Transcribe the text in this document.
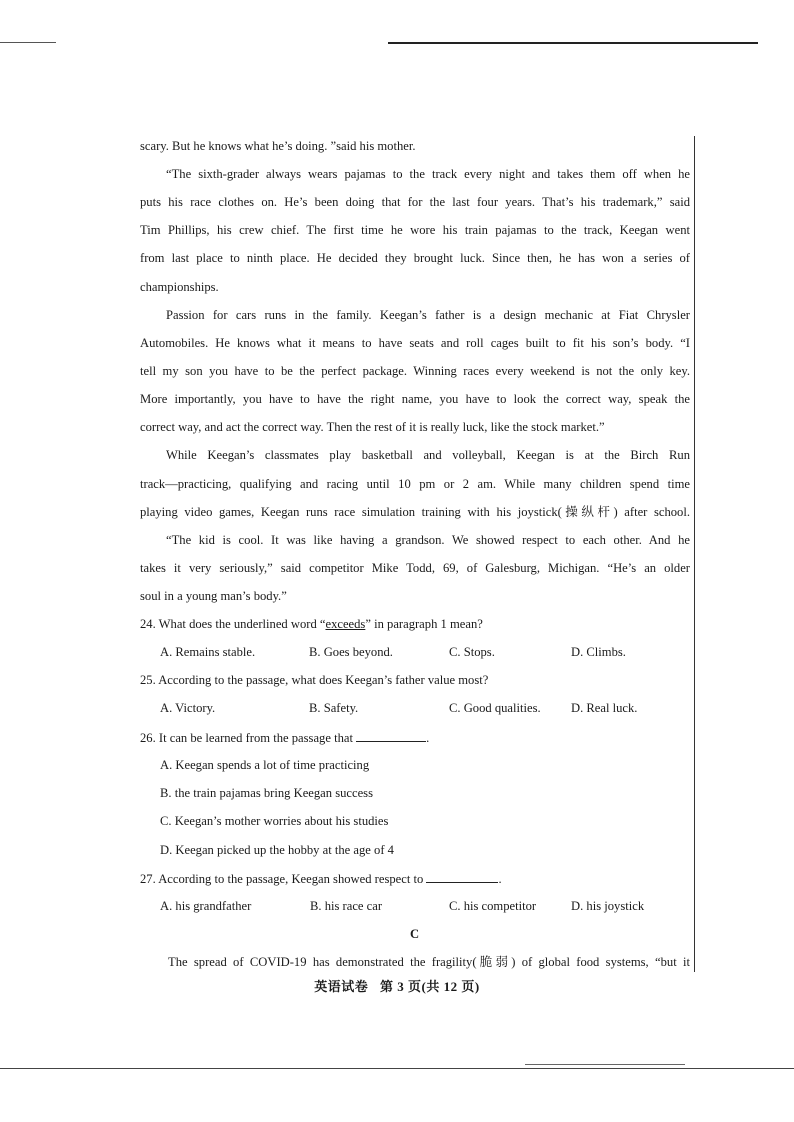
scary. But he knows what he’s doing. ”said his mother.
“The sixth-grader always wears pajamas to the track every night and takes them off when he
puts his race clothes on. He’s been doing that for the last four years. That’s his trademark,” said
Tim Phillips, his crew chief. The first time he wore his train pajamas to the track, Keegan went
from last place to ninth place. He decided they brought luck. Since then, he has won a series of
championships.
Passion for cars runs in the family. Keegan’s father is a design mechanic at Fiat Chrysler
Automobiles. He knows what it means to have seats and roll cages built to fit his son’s body. “I
tell my son you have to be the perfect package. Winning races every weekend is not the only key.
More importantly, you have to have the right name, you have to look the correct way, speak the
correct way, and act the correct way. Then the rest of it is really luck, like the stock market.”
While Keegan’s classmates play basketball and volleyball, Keegan is at the Birch Run
track—practicing, qualifying and racing until 10 pm or 2 am. While many children spend time
playing video games, Keegan runs race simulation training with his joystick(操纵杆) after school.
“The kid is cool. It was like having a grandson. We showed respect to each other. And he
takes it very seriously,” said competitor Mike Todd, 69, of Galesburg, Michigan. “He’s an older
soul in a young man’s body.”
24. What does the underlined word “exceeds” in paragraph 1 mean?
A. Remains stable.	B. Goes beyond.	C. Stops.	D. Climbs.
25. According to the passage, what does Keegan’s father value most?
A. Victory.	B. Safety.	C. Good qualities. D. Real luck.
26. It can be learned from the passage that	.
A. Keegan spends a lot of time practicing
B. the train pajamas bring Keegan success
C. Keegan’s mother worries about his studies
D. Keegan picked up the hobby at the age of 4
27. According to the passage, Keegan showed respect to	.
A. his grandfather	B. his race car	C. his competitor	D. his joystick
C
The spread of COVID-19 has demonstrated the fragility(脆弱) of global food systems, “but it
英语试卷 第 3 页(共 12 页)
